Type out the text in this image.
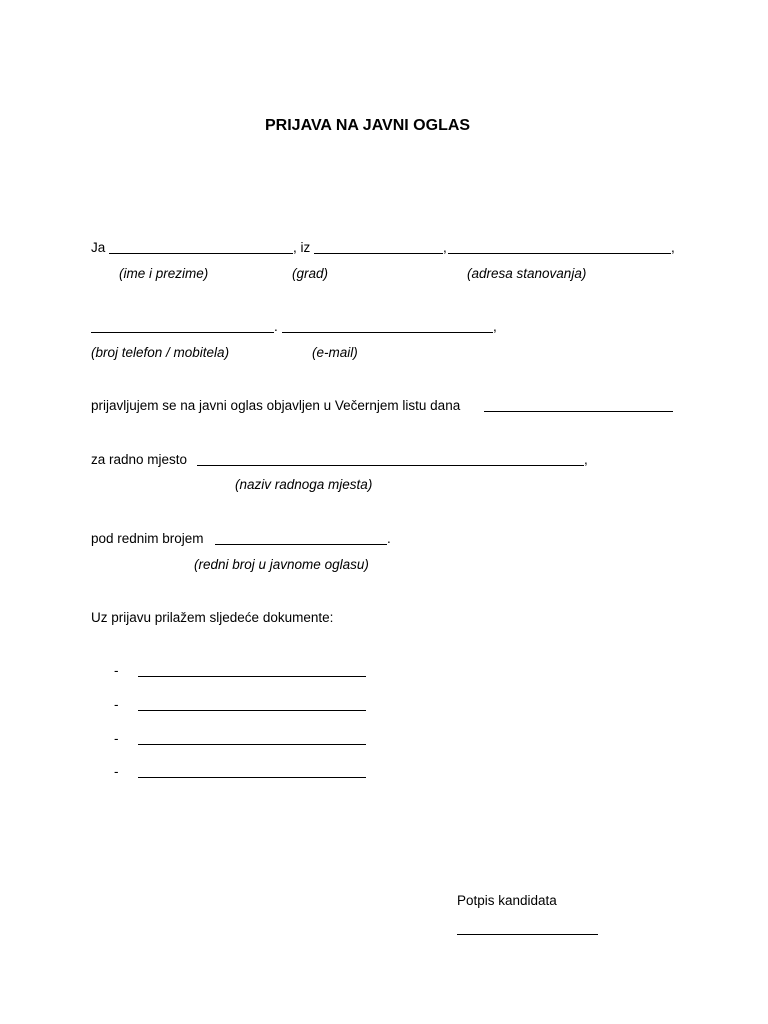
PRIJAVA NA JAVNI OGLAS
Ja	, iz	,	,
(ime i prezime)	(grad)	(adresa stanovanja)
.	,
(broj telefon / mobitela)	(e-mail)
prijavljujem se na javni oglas objavljen u Večernjem listu dana
za radno mjesto	,
(naziv radnoga mjesta)
pod rednim brojem	.
(redni broj u javnome oglasu)
Uz prijavu prilažem sljedeće dokumente:
-
-
-
-
Potpis kandidata
